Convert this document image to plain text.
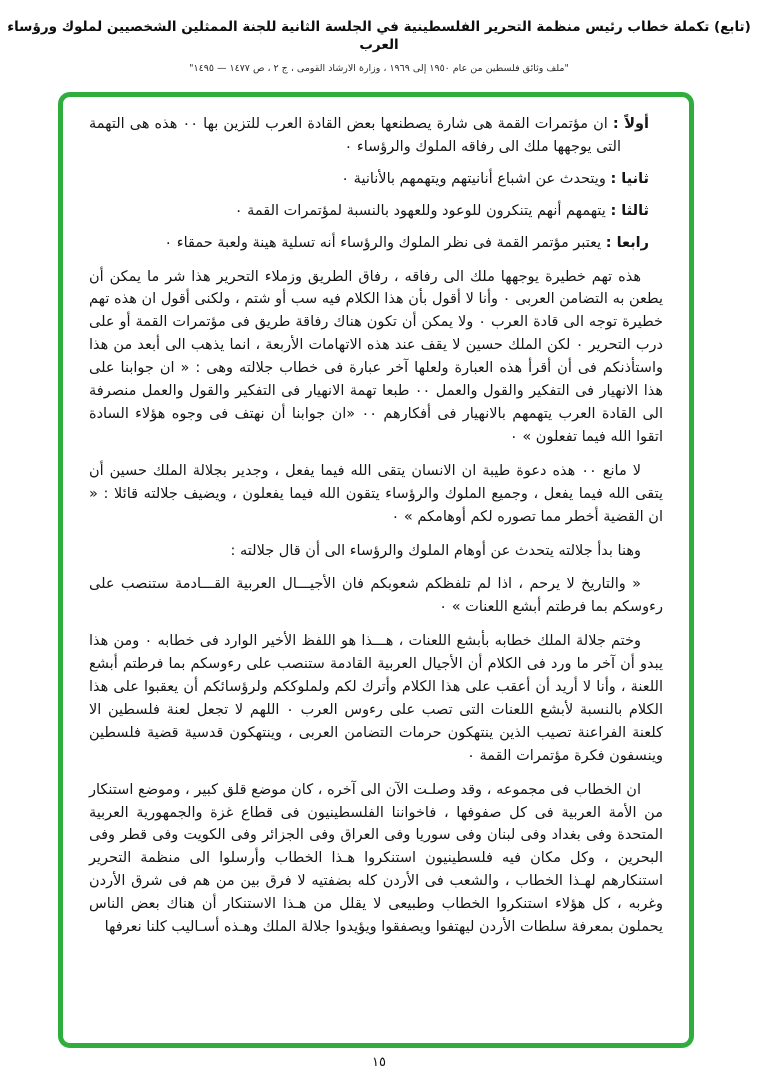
(تابع) تكملة خطاب رئيس منظمة التحرير الفلسطينية في الجلسة الثانية للجنة الممثلين الشخصيين لملوك ورؤساء العرب
"ملف وثائق فلسطين من عام ١٩٥٠ إلى ١٩٦٩ ، وزارة الارشاد القومى ، ج ٢ ، ص ١٤٧٧ — ١٤٩٥"
أولاً : ان مؤتمرات القمة هى شارة يصطنعها بعض القادة العرب للتزين بها ٠٠ هذه هى التهمة التى يوجهها ملك الى رفاقه الملوك والرؤساء ٠
ثانيا : ويتحدث عن اشباع أنانيتهم ويتهمهم بالأنانية ٠
ثالثا : يتهمهم أنهم يتنكرون للوعود وللعهود بالنسبة لمؤتمرات القمة ٠
رابعا : يعتبر مؤتمر القمة فى نظر الملوك والرؤساء أنه تسلية هينة ولعبة حمقاء ٠

هذه تهم خطيرة يوجهها ملك الى رفاقه ، رفاق الطريق وزملاء التحرير هذا شر ما يمكن أن يطعن به التضامن العربى ٠ وأنا لا أقول بأن هذا الكلام فيه سب أو شتم ، ولكنى أقول ان هذه تهم خطيرة توجه الى قادة العرب ٠ ولا يمكن أن تكون هناك رفاقة طريق فى مؤتمرات القمة أو على درب التحرير ٠ لكن الملك حسين لا يقف عند هذه الاتهامات الأربعة ، انما يذهب الى أبعد من هذا واستأذنكم فى أن أقرأ هذه العبارة ولعلها آخر عبارة فى خطاب جلالته وهى : « ان جوابنا على هذا الانهيار فى التفكير والقول والعمل ٠٠ طبعا تهمة الانهيار فى التفكير والقول والعمل منصرفة الى القادة العرب يتهمهم بالانهيار فى أفكارهم ٠٠ «ان جوابنا أن نهتف فى وجوه هؤلاء السادة اتقوا الله فيما تفعلون » ٠

لا مانع ٠٠ هذه دعوة طيبة ان الانسان يتقى الله فيما يفعل ، وجدير بجلالة الملك حسين أن يتقى الله فيما يفعل ، وجميع الملوك والرؤساء يتقون الله فيما يفعلون ، ويضيف جلالته قائلا : « ان القضية أخطر مما تصوره لكم أوهامكم » ٠

وهنا بدأ جلالته يتحدث عن أوهام الملوك والرؤساء الى أن قال جلالته :

« والتاريخ لا يرحم ، اذا لم تلفظكم شعوبكم فان الأجيـــال العربية القـــادمة ستنصب على رءوسكم بما فرطتم أبشع اللعنات » ٠

وختم جلالة الملك خطابه بأبشع اللعنات ، هـــذا هو اللفظ الأخير الوارد فى خطابه ٠ ومن هذا يبدو أن آخر ما ورد فى الكلام أن الأجيال العربية القادمة ستنصب على رءوسكم بما فرطتم أبشع اللعنة ، وأنا لا أريد أن أعقب على هذا الكلام وأترك لكم ولملوككم ولرؤسائكم أن يعقبوا على هذا الكلام بالنسبة لأبشع اللعنات التى تصب على رءوس العرب ٠ اللهم لا تجعل لعنة فلسطين الا كلعنة الفراعنة تصيب الذين ينتهكون حرمات التضامن العربى ، وينتهكون قدسية قضية فلسطين وينسفون فكرة مؤتمرات القمة ٠

ان الخطاب فى مجموعه ، وقد وصلـت الآن الى آخره ، كان موضع قلق كبير ، وموضع استنكار من الأمة العربية فى كل صفوفها ، فاخواننا الفلسطينيون فى قطاع غزة والجمهورية العربية المتحدة وفى بغداد وفى لبنان وفى سوريا وفى العراق وفى الجزائر وفى الكويت وفى قطر وفى البحرين ، وكل مكان فيه فلسطينيون استنكروا هـذا الخطاب وأرسلوا الى منظمة التحرير استنكارهم لهـذا الخطاب ، والشعب فى الأردن كله بضفتيه لا فرق بين من هم فى شرق الأردن وغربه ، كل هؤلاء استنكروا الخطاب وطبيعى لا يقلل من هـذا الاستنكار أن هناك بعض الناس يحملون بمعرفة سلطات الأردن ليهتفوا ويصفقوا ويؤيدوا جلالة الملك وهـذه أسـاليب كلنا نعرفها

١٥
